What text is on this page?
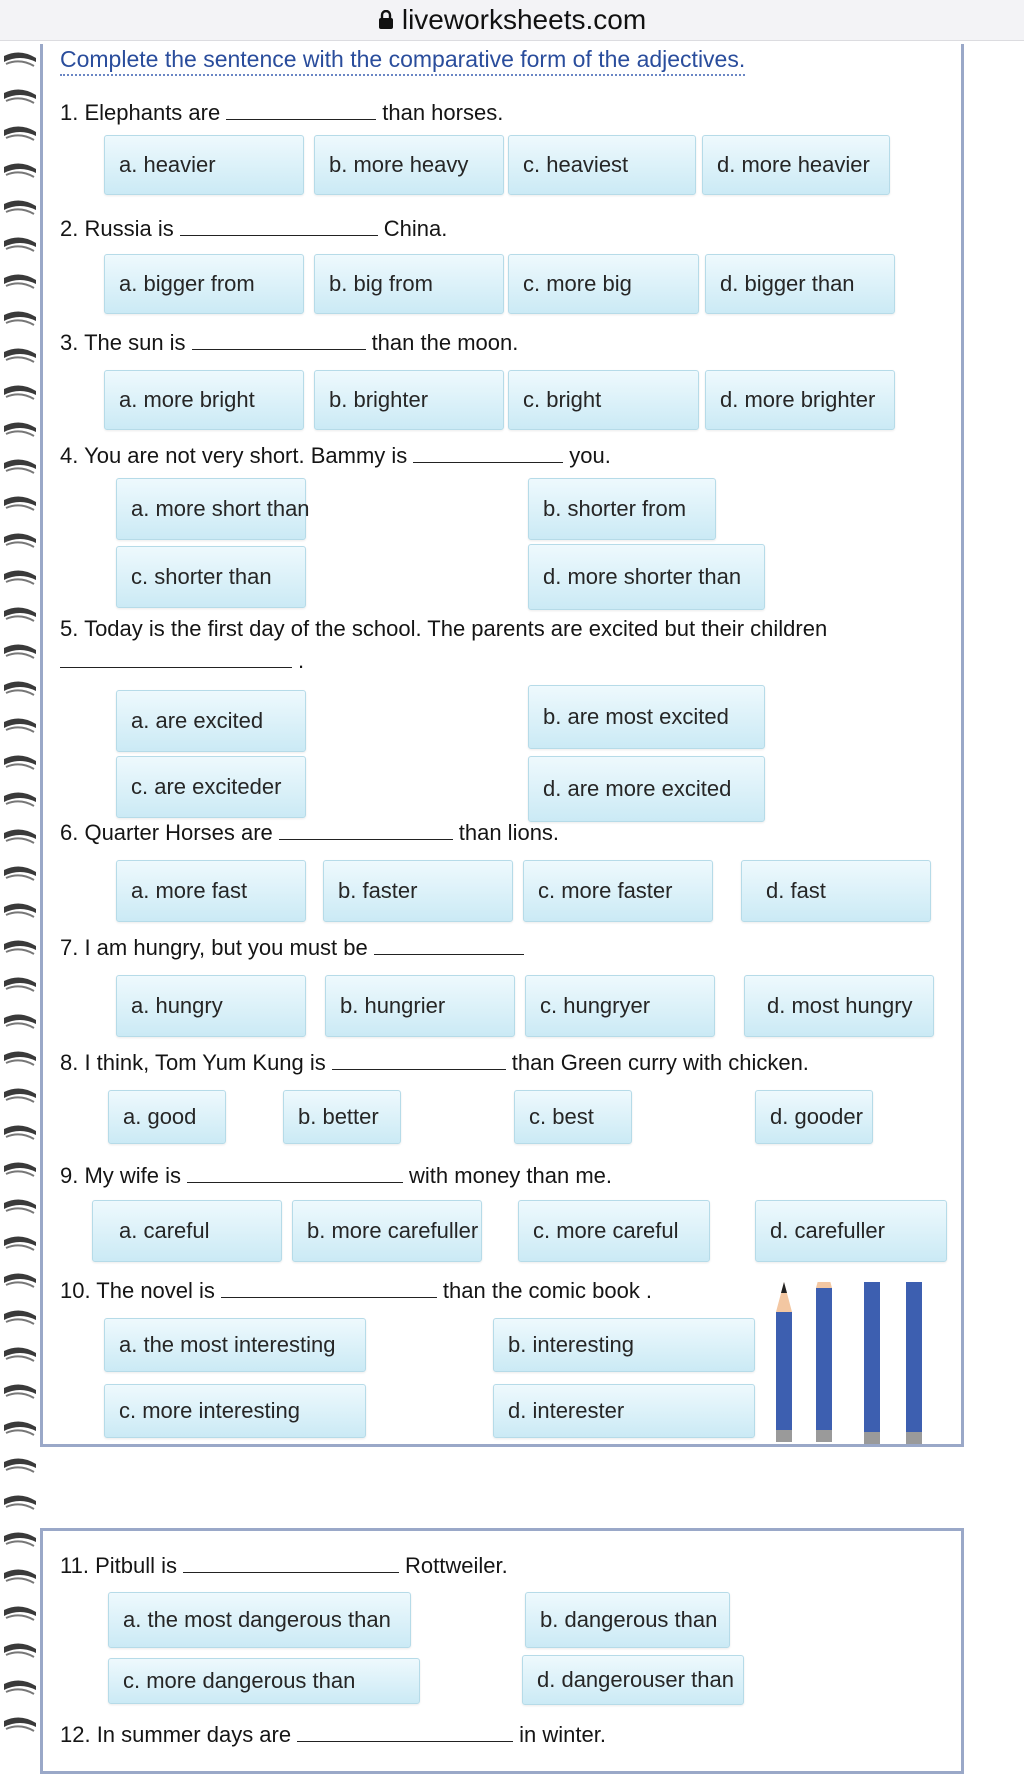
liveworksheets.com
Complete the sentence with the comparative form of the adjectives.
1. Elephants are	than horses.
a. heavier	b. more heavy	c. heaviest	d. more heavier
2. Russia is	China.
a. bigger from	b. big from	c. more big	d. bigger than
3. The sun is	than the moon.
a. more bright	b. brighter	c. bright	d. more brighter
4. You are not very short. Bammy is	you.
a. more short than	b. shorter from
c. shorter than	d. more shorter than
5. Today is the first day of the school. The parents are excited but their children
.
a. are excited	b. are most excited
c. are exciteder	d. are more excited
6. Quarter Horses are	than lions.
a. more fast	b. faster	c. more faster	d. fast
7. I am hungry, but you must be
a. hungry	b. hungrier	c. hungryer	d. most hungry
8. I think, Tom Yum Kung is	than Green curry with chicken.
a. good	b. better	c. best	d. gooder
9. My wife is	with money than me.
a. careful	b. more carefuller	c. more careful	d. carefuller
10. The novel is	than the comic book .
a. the most interesting	b. interesting
c. more interesting	d. interester
11. Pitbull is	Rottweiler.
a. the most dangerous than	b. dangerous than
c. more dangerous than	d. dangerouser than
12. In summer days are	in winter.
